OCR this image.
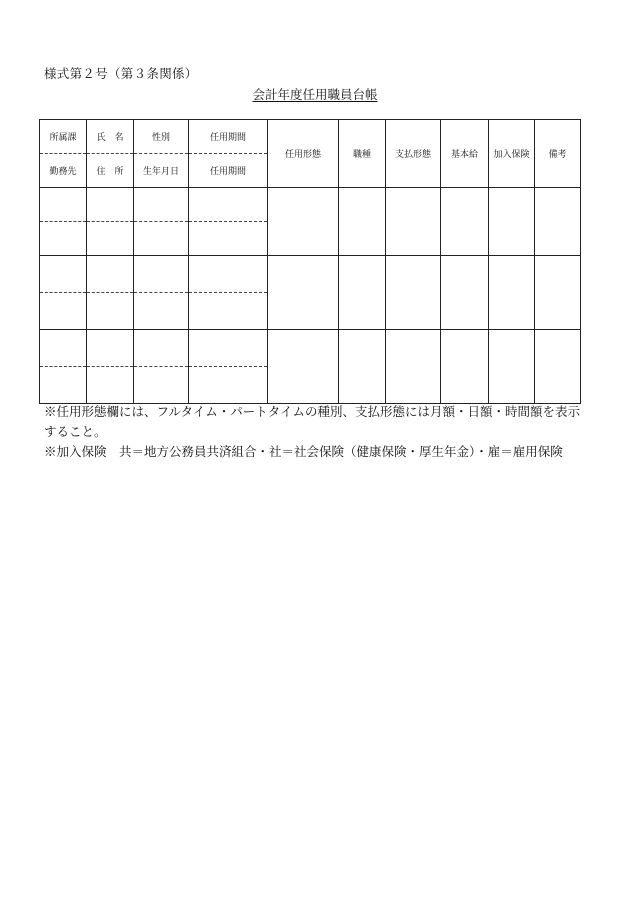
様式第２号（第３条関係）
会計年度任用職員台帳
所属課	氏　名	性別	任用期間	任用形態	職種	支払形態	基本給	加入保険	備考
勤務先	住　所	生年月日	任用期間						

※任用形態欄には、フルタイム・パートタイムの種別、支払形態には月額・日額・時間額を表示すること。

※加入保険　共＝地方公務員共済組合・社＝社会保険（健康保険・厚生年金）・雇＝雇用保険
